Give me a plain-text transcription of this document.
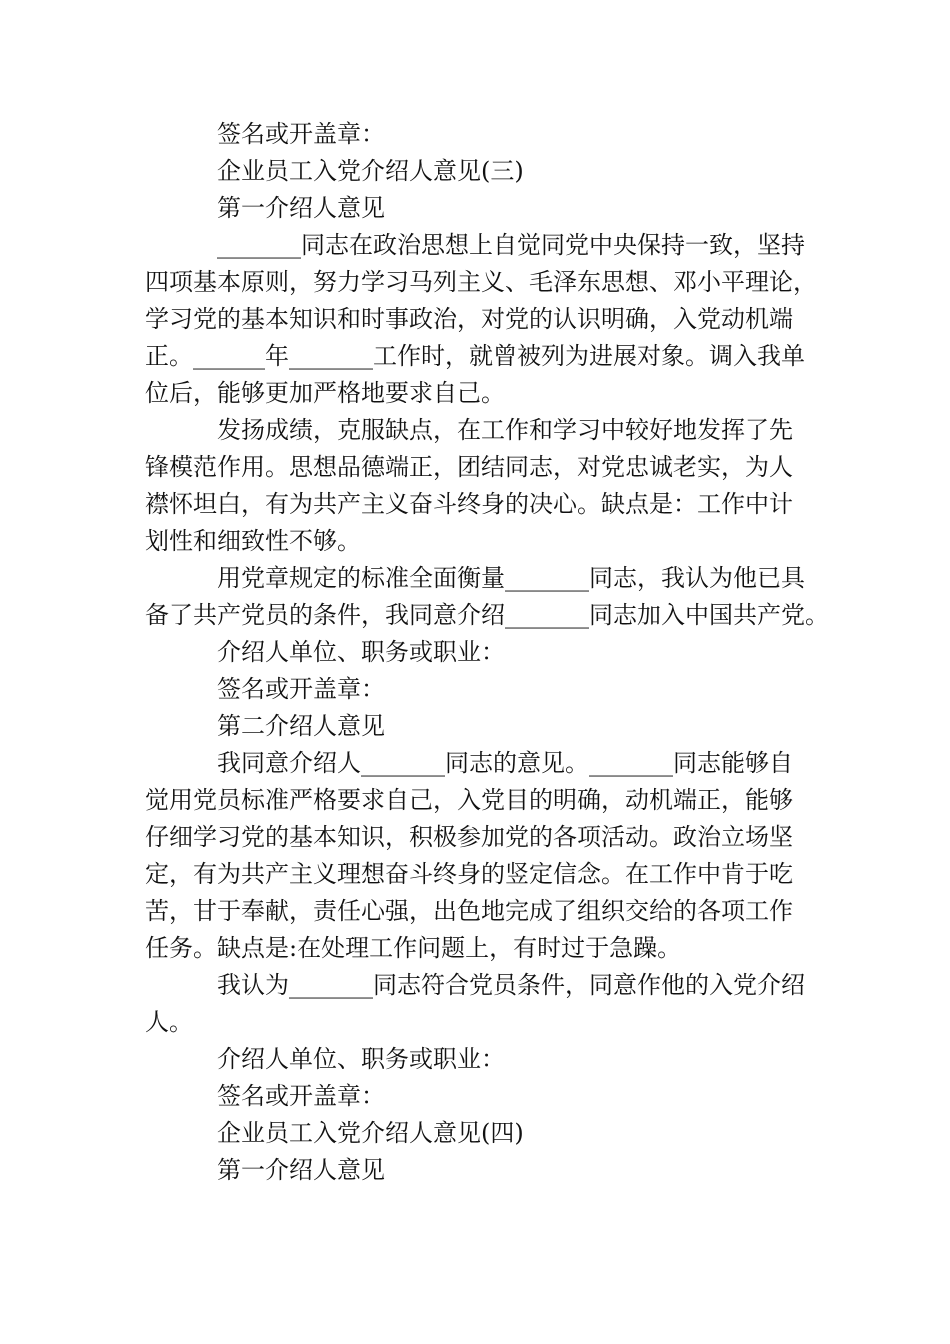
签名或开盖章：
企业员工入党介绍人意见(三)
第一介绍人意见
_______同志在政治思想上自觉同党中央保持一致，坚持
四项基本原则，努力学习马列主义、毛泽东思想、邓小平理论，
学习党的基本知识和时事政治，对党的认识明确，入党动机端
正。______年_______工作时，就曾被列为进展对象。调入我单
位后，能够更加严格地要求自己。
发扬成绩，克服缺点，在工作和学习中较好地发挥了先
锋模范作用。思想品德端正，团结同志，对党忠诚老实，为人
襟怀坦白，有为共产主义奋斗终身的决心。缺点是：工作中计
划性和细致性不够。
用党章规定的标准全面衡量_______同志，我认为他已具
备了共产党员的条件，我同意介绍_______同志加入中国共产党。
介绍人单位、职务或职业：
签名或开盖章：
第二介绍人意见
我同意介绍人_______同志的意见。_______同志能够自
觉用党员标准严格要求自己，入党目的明确，动机端正，能够
仔细学习党的基本知识，积极参加党的各项活动。政治立场坚
定，有为共产主义理想奋斗终身的竖定信念。在工作中肯于吃
苦，甘于奉献，责任心强，出色地完成了组织交给的各项工作
任务。缺点是:在处理工作问题上，有时过于急躁。
我认为_______同志符合党员条件，同意作他的入党介绍
人。
介绍人单位、职务或职业：
签名或开盖章：
企业员工入党介绍人意见(四)
第一介绍人意见
